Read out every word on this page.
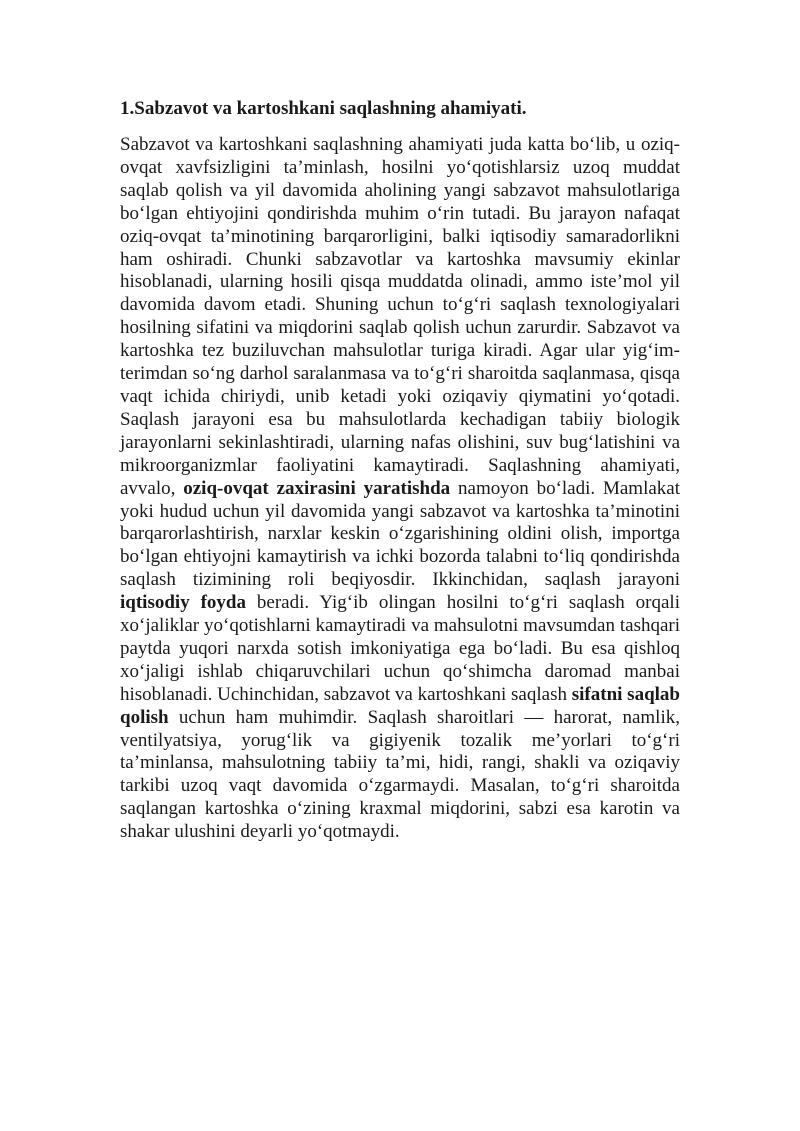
1.Sabzavot va kartoshkani saqlashning ahamiyati.

Sabzavot va kartoshkani saqlashning ahamiyati juda katta bo‘lib, u oziq-ovqat xavfsizligini ta’minlash, hosilni yo‘qotishlarsiz uzoq muddat saqlab qolish va yil davomida aholining yangi sabzavot mahsulotlariga bo‘lgan ehtiyojini qondirishda muhim o‘rin tutadi. Bu jarayon nafaqat oziq-ovqat ta’minotining barqarorligini, balki iqtisodiy samaradorlikni ham oshiradi. Chunki sabzavotlar va kartoshka mavsumiy ekinlar hisoblanadi, ularning hosili qisqa muddatda olinadi, ammo iste’mol yil davomida davom etadi. Shuning uchun to‘g‘ri saqlash texnologiyalari hosilning sifatini va miqdorini saqlab qolish uchun zarurdir. Sabzavot va kartoshka tez buziluvchan mahsulotlar turiga kiradi. Agar ular yig‘im-terimdan so‘ng darhol saralanmasa va to‘g‘ri sharoitda saqlanmasa, qisqa vaqt ichida chiriydi, unib ketadi yoki oziqaviy qiymatini yo‘qotadi. Saqlash jarayoni esa bu mahsulotlarda kechadigan tabiiy biologik jarayonlarni sekinlashtiradi, ularning nafas olishini, suv bug‘latishini va mikroorganizmlar faoliyatini kamaytiradi. Saqlashning ahamiyati, avvalo, oziq-ovqat zaxirasini yaratishda namoyon bo‘ladi. Mamlakat yoki hudud uchun yil davomida yangi sabzavot va kartoshka ta’minotini barqarorlashtirish, narxlar keskin o‘zgarishining oldini olish, importga bo‘lgan ehtiyojni kamaytirish va ichki bozorda talabni to‘liq qondirishda saqlash tizimining roli beqiyosdir. Ikkinchidan, saqlash jarayoni iqtisodiy foyda beradi. Yig‘ib olingan hosilni to‘g‘ri saqlash orqali xo‘jaliklar yo‘qotishlarni kamaytiradi va mahsulotni mavsumdan tashqari paytda yuqori narxda sotish imkoniyatiga ega bo‘ladi. Bu esa qishloq xo‘jaligi ishlab chiqaruvchilari uchun qo‘shimcha daromad manbai hisoblanadi. Uchinchidan, sabzavot va kartoshkani saqlash sifatni saqlab qolish uchun ham muhimdir. Saqlash sharoitlari — harorat, namlik, ventilyatsiya, yorug‘lik va gigiyenik tozalik me’yorlari to‘g‘ri ta’minlansa, mahsulotning tabiiy ta’mi, hidi, rangi, shakli va oziqaviy tarkibi uzoq vaqt davomida o‘zgarmaydi. Masalan, to‘g‘ri sharoitda saqlangan kartoshka o‘zining kraxmal miqdorini, sabzi esa karotin va shakar ulushini deyarli yo‘qotmaydi.
